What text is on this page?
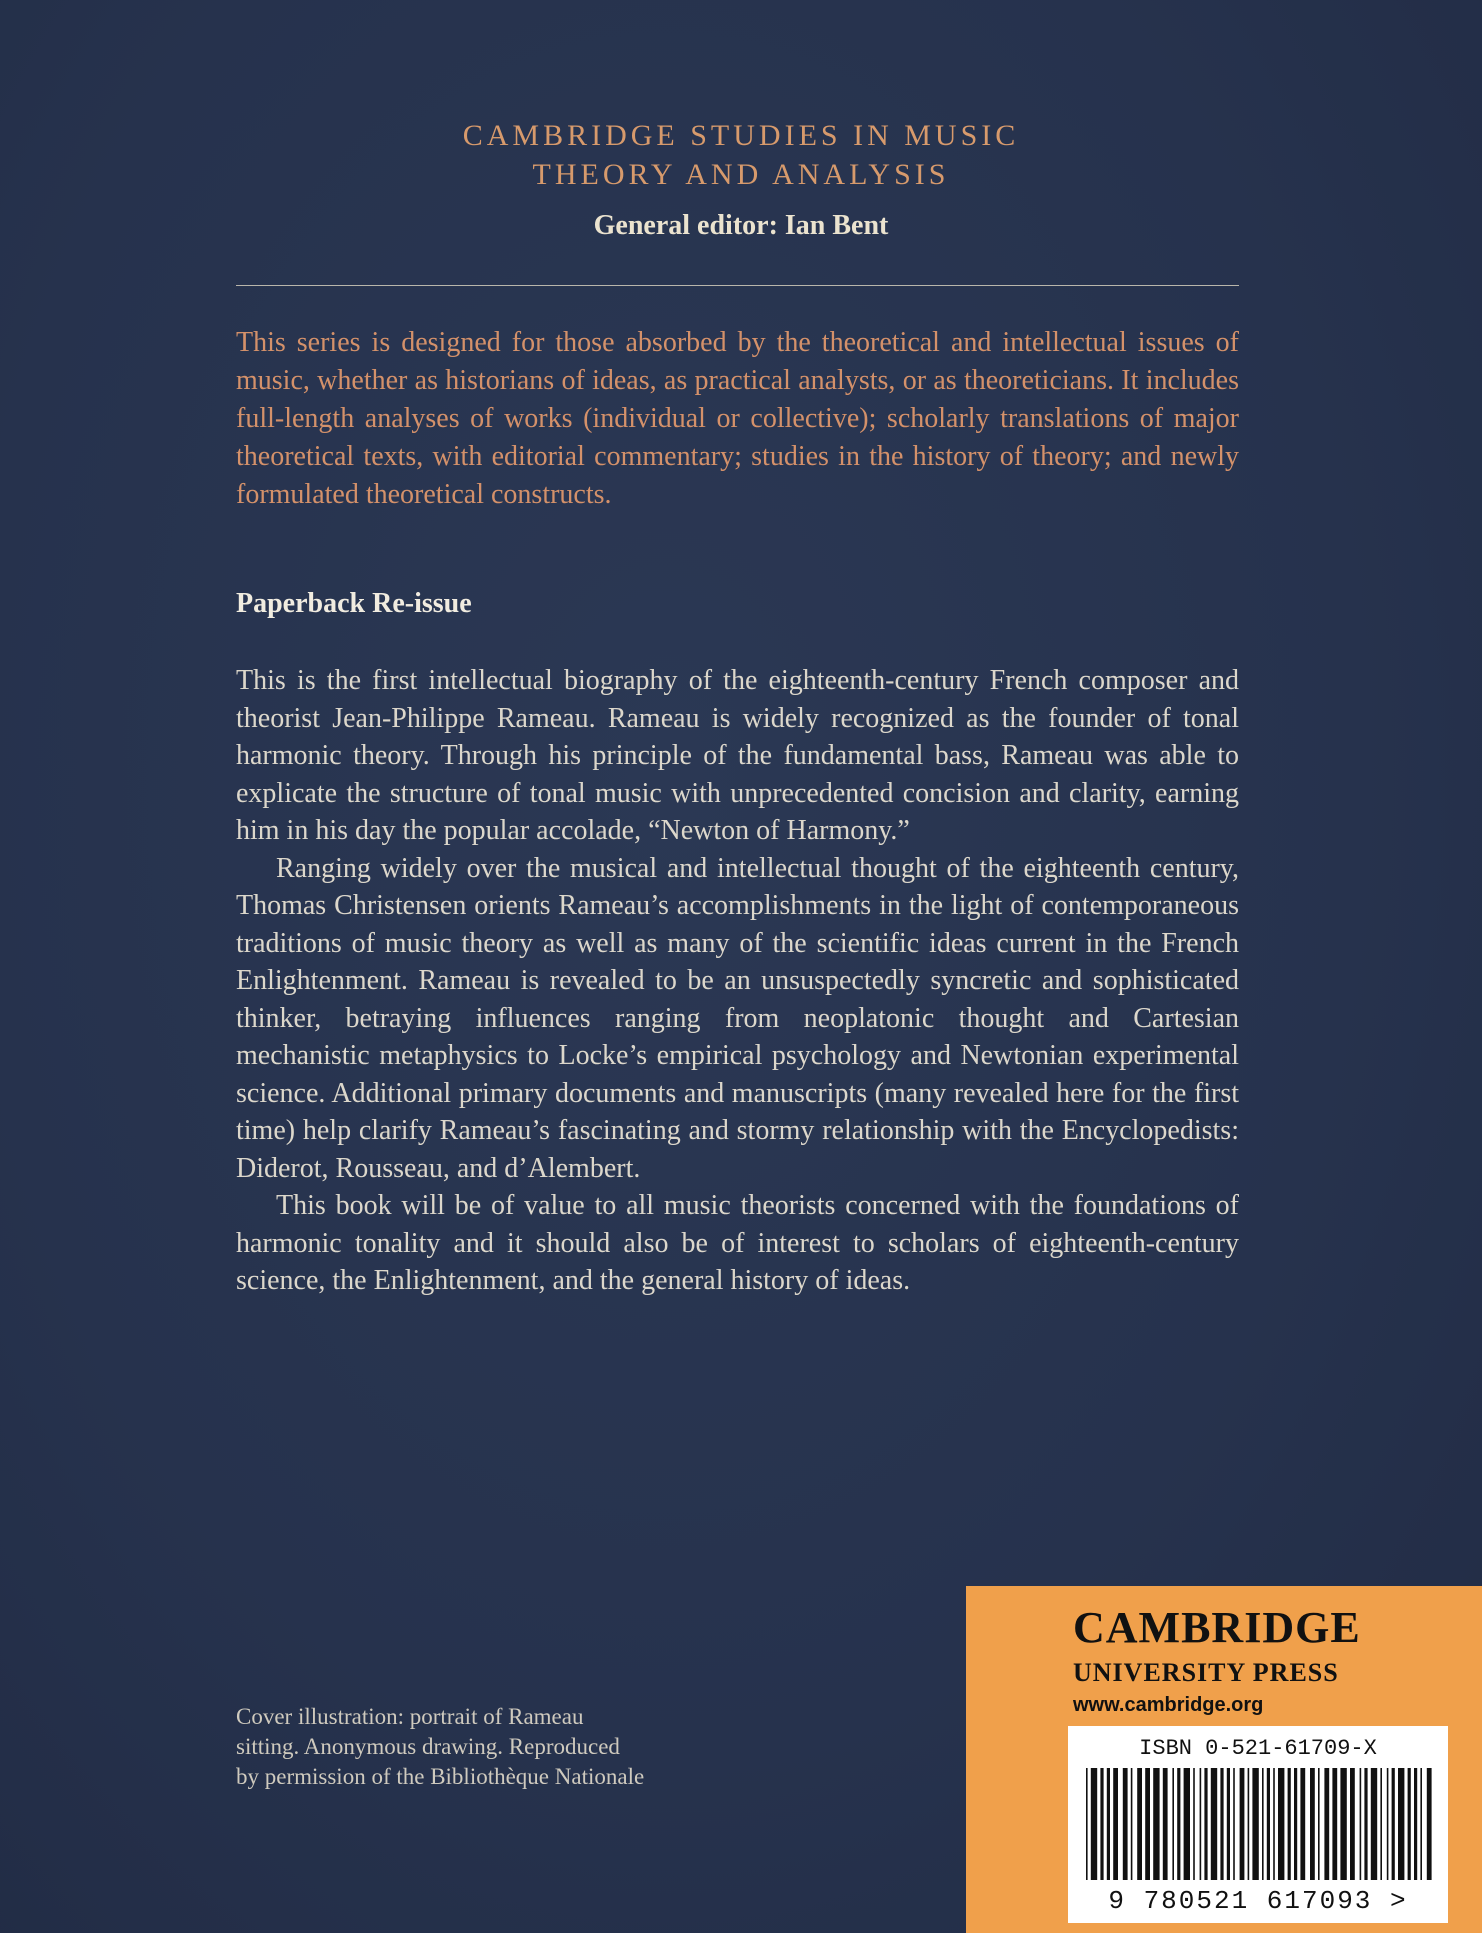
CAMBRIDGE STUDIES IN MUSIC
THEORY AND ANALYSIS
General editor: Ian Bent

This series is designed for those absorbed by the theoretical and intellectual issues of music, whether as historians of ideas, as practical analysts, or as theoreticians. It includes full-length analyses of works (individual or collective); scholarly translations of major theoretical texts, with editorial commentary; studies in the history of theory; and newly formulated theoretical constructs.

Paperback Re-issue

This is the first intellectual biography of the eighteenth-century French composer and theorist Jean-Philippe Rameau. Rameau is widely recognized as the founder of tonal harmonic theory. Through his principle of the fundamental bass, Rameau was able to explicate the structure of tonal music with unprecedented concision and clarity, earning him in his day the popular accolade, “Newton of Harmony.”

Ranging widely over the musical and intellectual thought of the eighteenth century, Thomas Christensen orients Rameau’s accomplishments in the light of contemporaneous traditions of music theory as well as many of the scientific ideas current in the French Enlightenment. Rameau is revealed to be an unsuspectedly syncretic and sophisticated thinker, betraying influences ranging from neoplatonic thought and Cartesian mechanistic metaphysics to Locke’s empirical psychology and Newtonian experimental science. Additional primary documents and manuscripts (many revealed here for the first time) help clarify Rameau’s fascinating and stormy relationship with the Encyclopedists: Diderot, Rousseau, and d’Alembert.

This book will be of value to all music theorists concerned with the foundations of harmonic tonality and it should also be of interest to scholars of eighteenth-century science, the Enlightenment, and the general history of ideas.

Cover illustration: portrait of Rameau
sitting. Anonymous drawing. Reproduced
by permission of the Bibliothèque Nationale
CAMBRIDGE
UNIVERSITY PRESS
www.cambridge.org
ISBN 0-521-61709-X
9 780521 617093 >
